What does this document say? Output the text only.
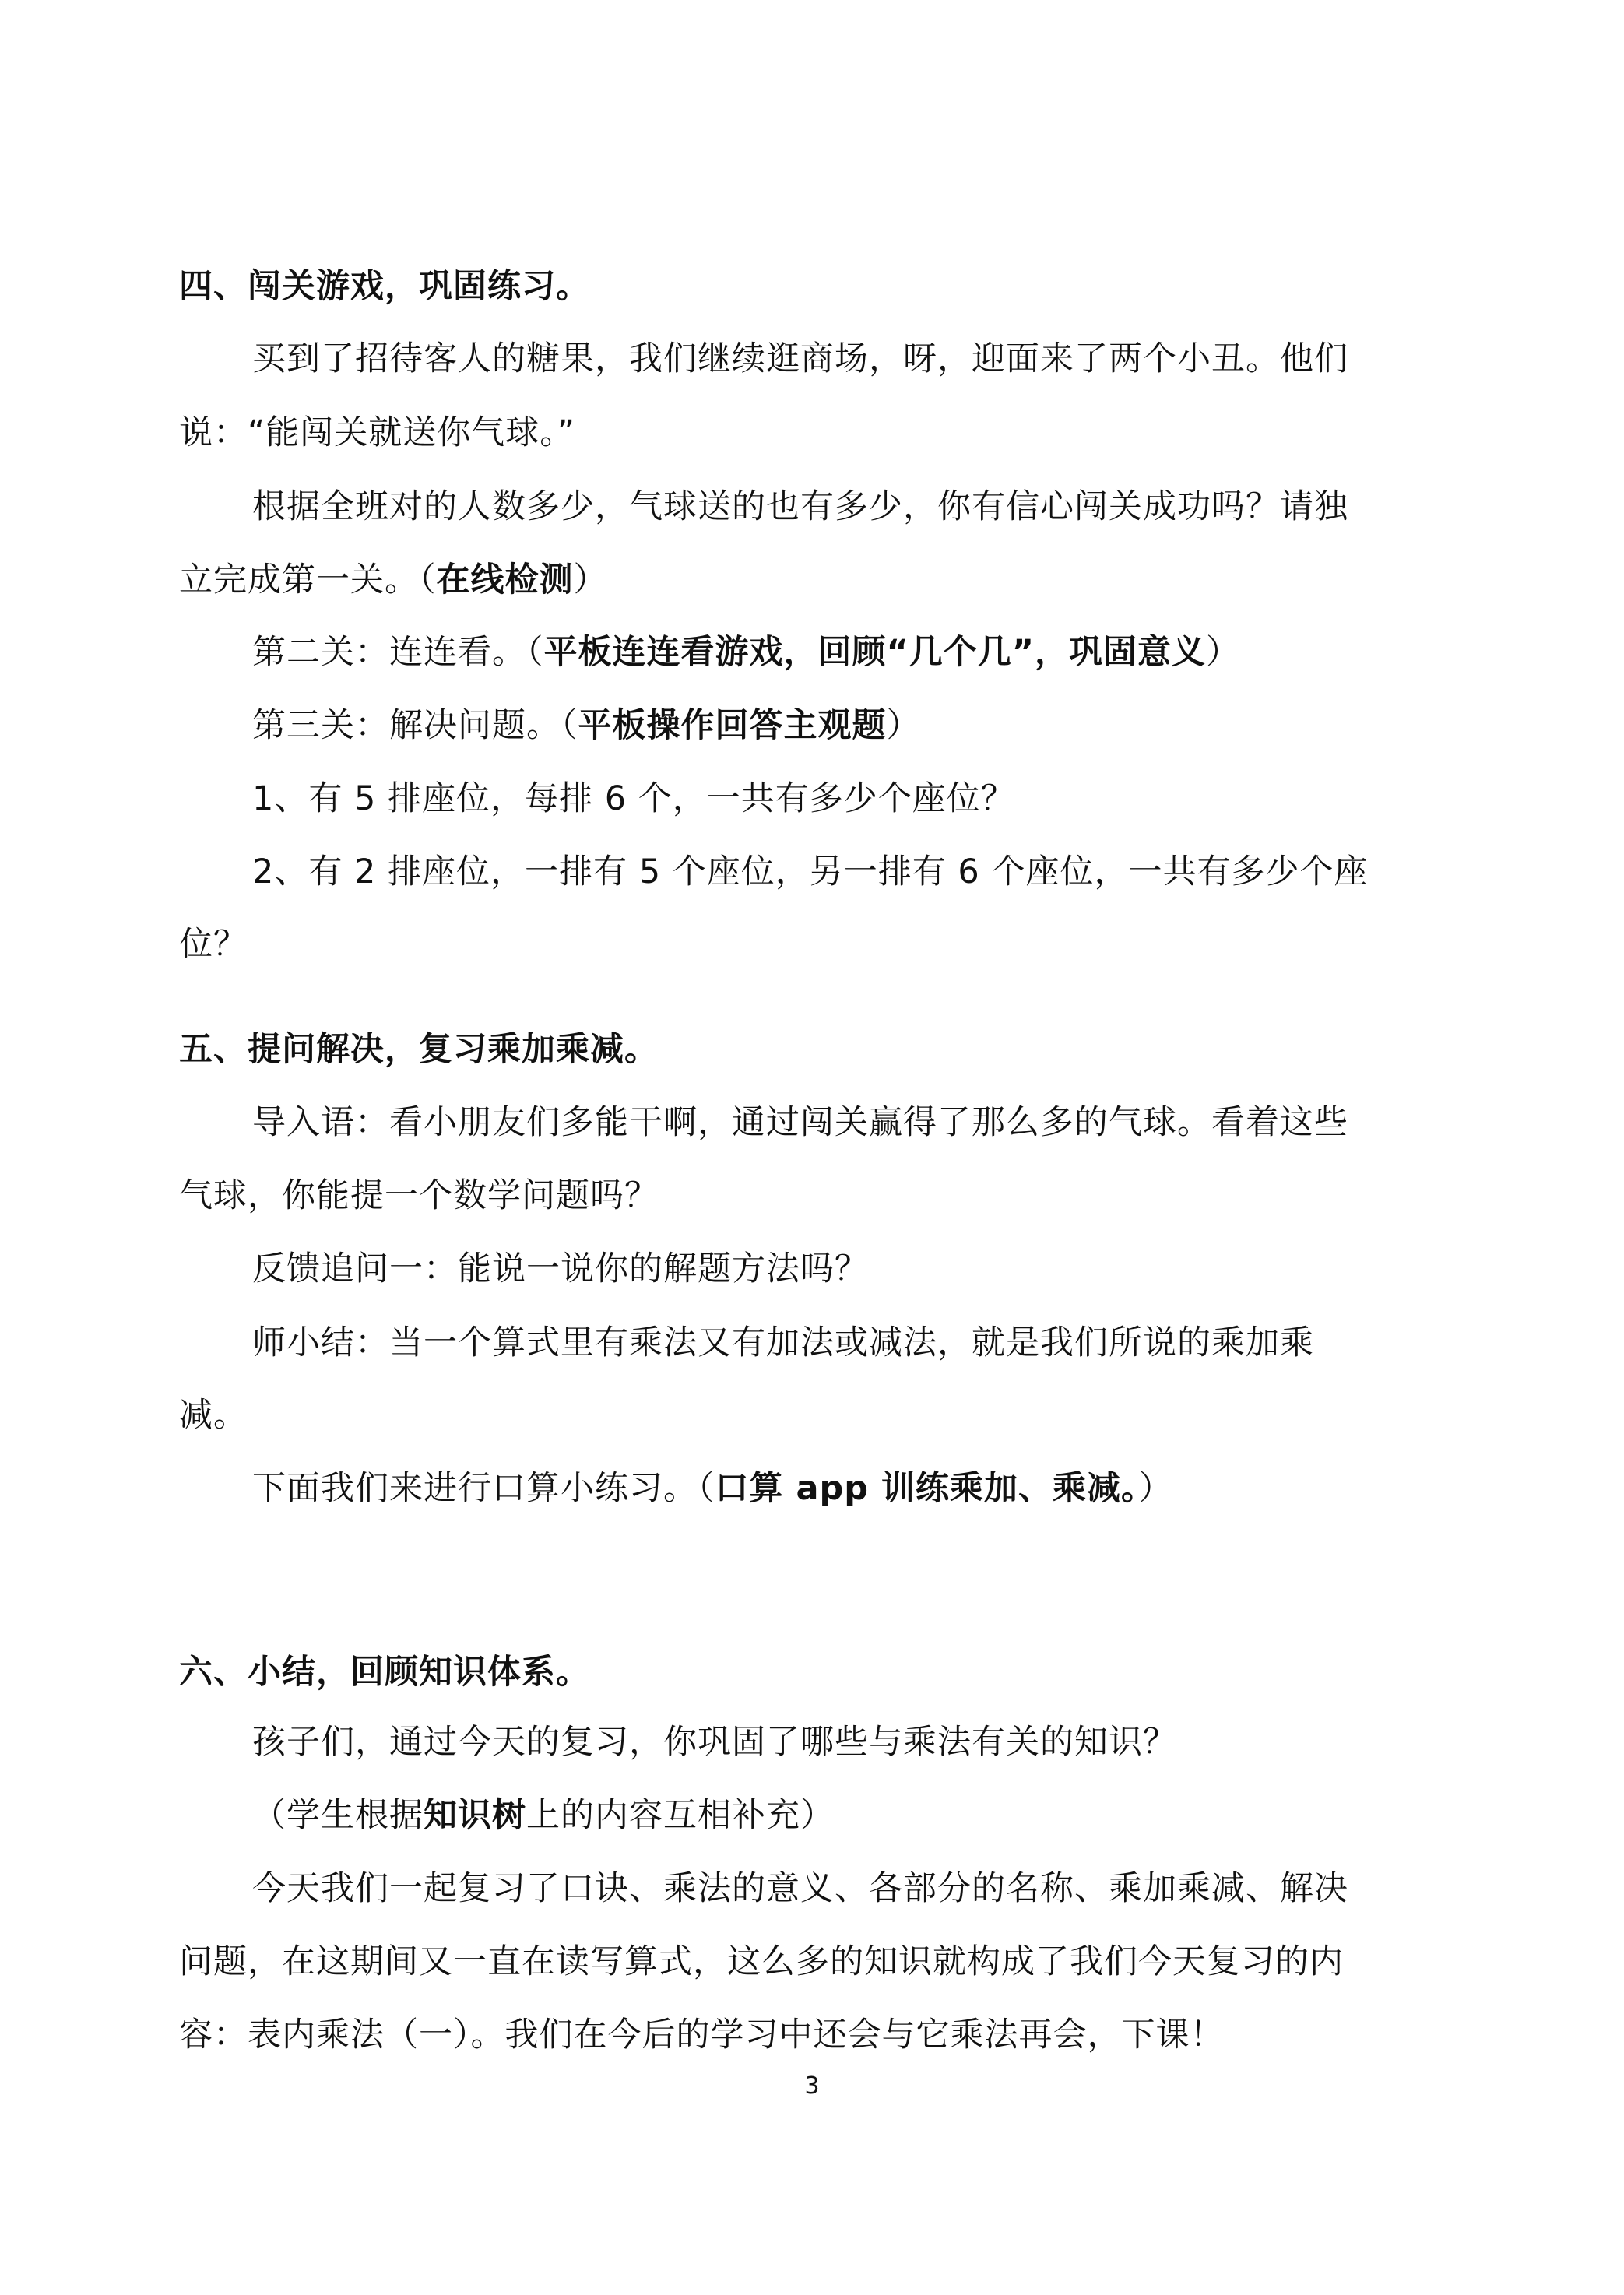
四、闯关游戏，巩固练习。
买到了招待客人的糖果，我们继续逛商场，呀，迎面来了两个小丑。他们
说：“能闯关就送你气球。”
根据全班对的人数多少，气球送的也有多少，你有信心闯关成功吗？请独
立完成第一关。（在线检测）
第二关：连连看。（平板连连看游戏，回顾“几个几”，巩固意义）
第三关：解决问题。（平板操作回答主观题）
1、有 5 排座位，每排 6 个，一共有多少个座位？
2、有 2 排座位，一排有 5 个座位，另一排有 6 个座位，一共有多少个座
位？
五、提问解决，复习乘加乘减。
导入语：看小朋友们多能干啊，通过闯关赢得了那么多的气球。看着这些
气球，你能提一个数学问题吗？
反馈追问一：能说一说你的解题方法吗？
师小结：当一个算式里有乘法又有加法或减法，就是我们所说的乘加乘
减。
下面我们来进行口算小练习。（口算 app 训练乘加、乘减。）
六、小结，回顾知识体系。
孩子们，通过今天的复习，你巩固了哪些与乘法有关的知识？
（学生根据知识树上的内容互相补充）
今天我们一起复习了口诀、乘法的意义、各部分的名称、乘加乘减、解决
问题，在这期间又一直在读写算式，这么多的知识就构成了我们今天复习的内
容：表内乘法（一）。我们在今后的学习中还会与它乘法再会，下课！
3
